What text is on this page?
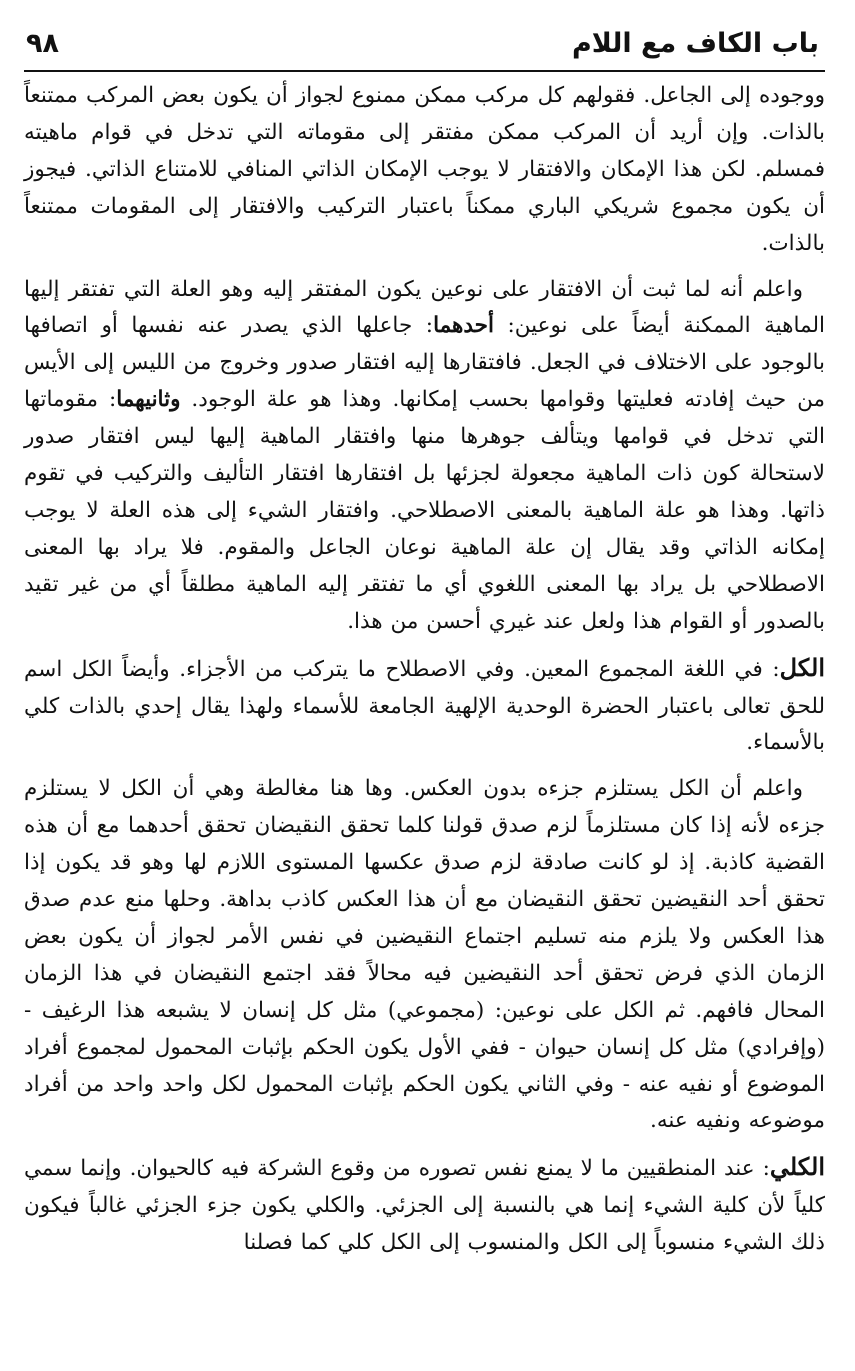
باب الكاف مع اللام
٩٨

ووجوده إلى الجاعل. فقولهم كل مركب ممكن ممنوع لجواز أن يكون بعض المركب ممتنعاً بالذات. وإن أريد أن المركب ممكن مفتقر إلى مقوماته التي تدخل في قوام ماهيته فمسلم. لكن هذا الإمكان والافتقار لا يوجب الإمكان الذاتي المنافي للامتناع الذاتي. فيجوز أن يكون مجموع شريكي الباري ممكناً باعتبار التركيب والافتقار إلى المقومات ممتنعاً بالذات.

واعلم أنه لما ثبت أن الافتقار على نوعين يكون المفتقر إليه وهو العلة التي تفتقر إليها الماهية الممكنة أيضاً على نوعين: أحدهما: جاعلها الذي يصدر عنه نفسها أو اتصافها بالوجود على الاختلاف في الجعل. فافتقارها إليه افتقار صدور وخروج من الليس إلى الأيس من حيث إفادته فعليتها وقوامها بحسب إمكانها. وهذا هو علة الوجود. وثانيهما: مقوماتها التي تدخل في قوامها ويتألف جوهرها منها وافتقار الماهية إليها ليس افتقار صدور لاستحالة كون ذات الماهية مجعولة لجزئها بل افتقارها افتقار التأليف والتركيب في تقوم ذاتها. وهذا هو علة الماهية بالمعنى الاصطلاحي. وافتقار الشيء إلى هذه العلة لا يوجب إمكانه الذاتي وقد يقال إن علة الماهية نوعان الجاعل والمقوم. فلا يراد بها المعنى الاصطلاحي بل يراد بها المعنى اللغوي أي ما تفتقر إليه الماهية مطلقاً أي من غير تقيد بالصدور أو القوام هذا ولعل عند غيري أحسن من هذا.

الكل: في اللغة المجموع المعين. وفي الاصطلاح ما يتركب من الأجزاء. وأيضاً الكل اسم للحق تعالى باعتبار الحضرة الوحدية الإلهية الجامعة للأسماء ولهذا يقال إحدي بالذات كلي بالأسماء.

واعلم أن الكل يستلزم جزءه بدون العكس. وها هنا مغالطة وهي أن الكل لا يستلزم جزءه لأنه إذا كان مستلزماً لزم صدق قولنا كلما تحقق النقيضان تحقق أحدهما مع أن هذه القضية كاذبة. إذ لو كانت صادقة لزم صدق عكسها المستوى اللازم لها وهو قد يكون إذا تحقق أحد النقيضين تحقق النقيضان مع أن هذا العكس كاذب بداهة. وحلها منع عدم صدق هذا العكس ولا يلزم منه تسليم اجتماع النقيضين في نفس الأمر لجواز أن يكون بعض الزمان الذي فرض تحقق أحد النقيضين فيه محالاً فقد اجتمع النقيضان في هذا الزمان المحال فافهم. ثم الكل على نوعين: (مجموعي) مثل كل إنسان لا يشبعه هذا الرغيف - (وإفرادي) مثل كل إنسان حيوان - ففي الأول يكون الحكم بإثبات المحمول لمجموع أفراد الموضوع أو نفيه عنه - وفي الثاني يكون الحكم بإثبات المحمول لكل واحد واحد من أفراد موضوعه ونفيه عنه.

الكلي: عند المنطقيين ما لا يمنع نفس تصوره من وقوع الشركة فيه كالحيوان. وإنما سمي كلياً لأن كلية الشيء إنما هي بالنسبة إلى الجزئي. والكلي يكون جزء الجزئي غالباً فيكون ذلك الشيء منسوباً إلى الكل والمنسوب إلى الكل كلي كما فصلنا
